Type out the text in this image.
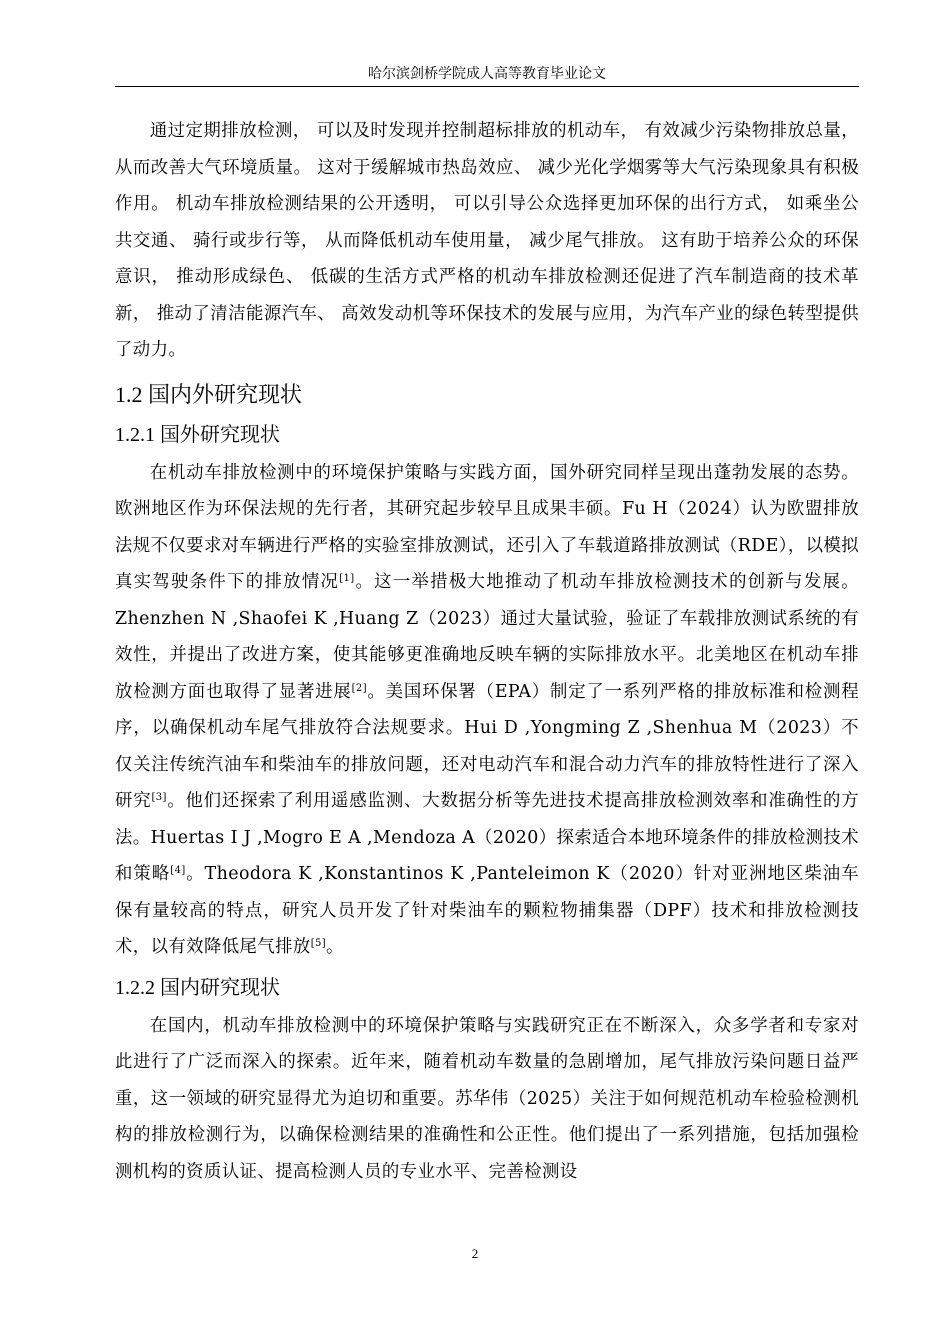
哈尔滨剑桥学院成人高等教育毕业论文

通过定期排放检测， 可以及时发现并控制超标排放的机动车， 有效减少污染物排放总量， 从而改善大气环境质量。 这对于缓解城市热岛效应、 减少光化学烟雾等大气污染现象具有积极作用。 机动车排放检测结果的公开透明， 可以引导公众选择更加环保的出行方式， 如乘坐公共交通、 骑行或步行等， 从而降低机动车使用量， 减少尾气排放。 这有助于培养公众的环保意识， 推动形成绿色、 低碳的生活方式严格的机动车排放检测还促进了汽车制造商的技术革新， 推动了清洁能源汽车、 高效发动机等环保技术的发展与应用，为汽车产业的绿色转型提供了动力。

1.2 国内外研究现状
1.2.1 国外研究现状

在机动车排放检测中的环境保护策略与实践方面，国外研究同样呈现出蓬勃发展的态势。欧洲地区作为环保法规的先行者，其研究起步较早且成果丰硕。Fu H（2024）认为欧盟排放法规不仅要求对车辆进行严格的实验室排放测试，还引入了车载道路排放测试（RDE），以模拟真实驾驶条件下的排放情况[1]。这一举措极大地推动了机动车排放检测技术的创新与发展。Zhenzhen N ,Shaofei K ,Huang Z（2023）通过大量试验，验证了车载排放测试系统的有效性，并提出了改进方案，使其能够更准确地反映车辆的实际排放水平。北美地区在机动车排放检测方面也取得了显著进展[2]。美国环保署（EPA）制定了一系列严格的排放标准和检测程序，以确保机动车尾气排放符合法规要求。Hui D ,Yongming Z ,Shenhua M（2023）不仅关注传统汽油车和柴油车的排放问题，还对电动汽车和混合动力汽车的排放特性进行了深入研究[3]。他们还探索了利用遥感监测、大数据分析等先进技术提高排放检测效率和准确性的方法。Huertas I J ,Mogro E A ,Mendoza A（2020）探索适合本地环境条件的排放检测技术和策略[4]。Theodora K ,Konstantinos K ,Panteleimon K（2020）针对亚洲地区柴油车保有量较高的特点，研究人员开发了针对柴油车的颗粒物捕集器（DPF）技术和排放检测技术，以有效降低尾气排放[5]。

1.2.2 国内研究现状

在国内，机动车排放检测中的环境保护策略与实践研究正在不断深入，众多学者和专家对此进行了广泛而深入的探索。近年来，随着机动车数量的急剧增加，尾气排放污染问题日益严重，这一领域的研究显得尤为迫切和重要。苏华伟（2025）关注于如何规范机动车检验检测机构的排放检测行为，以确保检测结果的准确性和公正性。他们提出了一系列措施，包括加强检测机构的资质认证、提高检测人员的专业水平、完善检测设

2
